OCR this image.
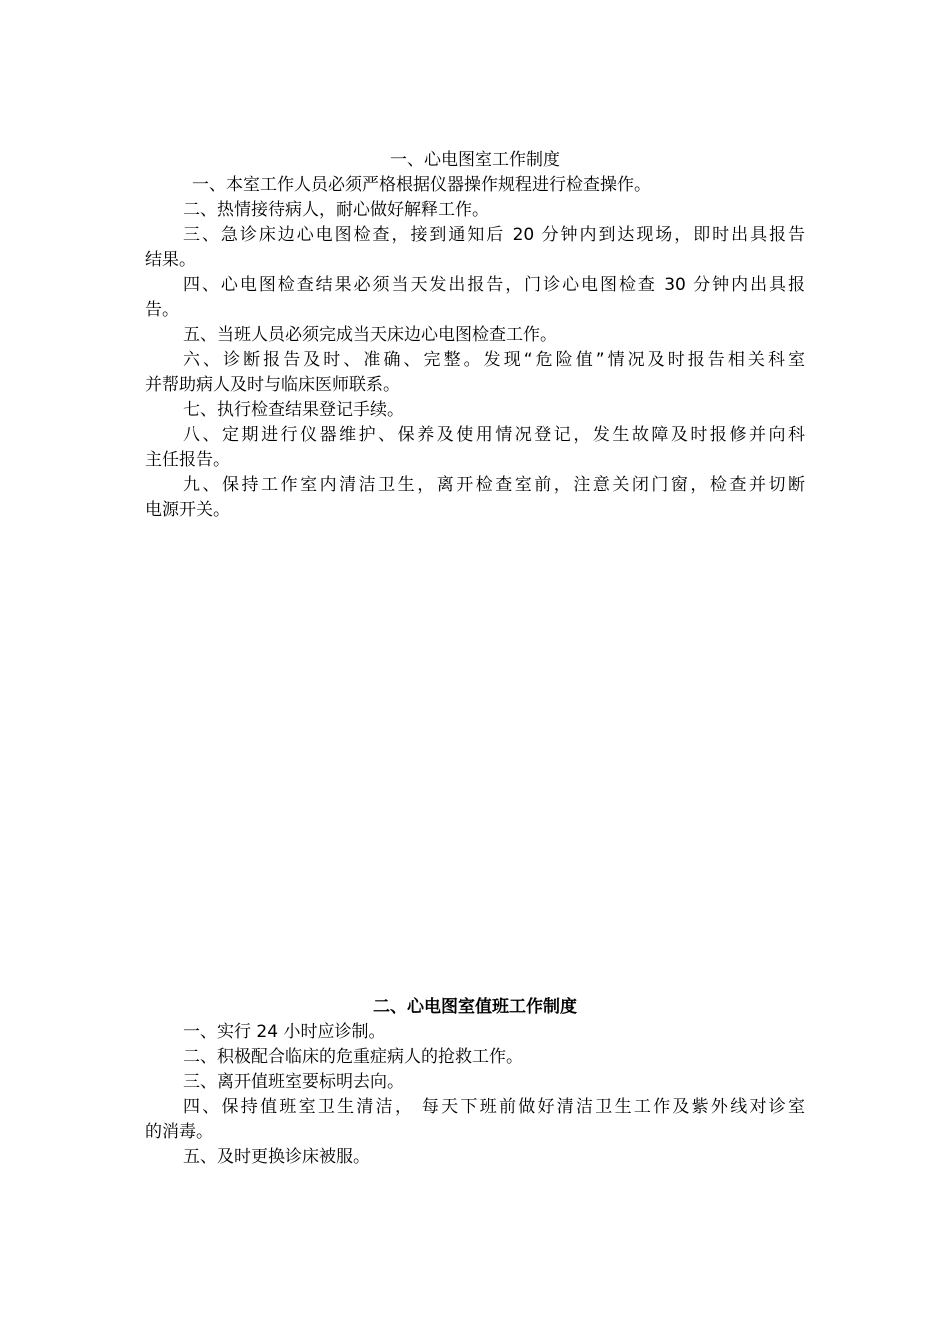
一、心电图室工作制度

一、本室工作人员必须严格根据仪器操作规程进行检查操作。

二、热情接待病人，耐心做好解释工作。

三、急诊床边心电图检查，接到通知后 20 分钟内到达现场，即时出具报告
结果。

四、心电图检查结果必须当天发出报告，门诊心电图检查 30 分钟内出具报
告。

五、当班人员必须完成当天床边心电图检查工作。

六、诊断报告及时、准确、完整。发现“危险值”情况及时报告相关科室
并帮助病人及时与临床医师联系。

七、执行检查结果登记手续。

八、定期进行仪器维护、保养及使用情况登记，发生故障及时报修并向科
主任报告。

九、保持工作室内清洁卫生，离开检查室前，注意关闭门窗，检查并切断
电源开关。

二、心电图室值班工作制度

一、实行 24 小时应诊制。

二、积极配合临床的危重症病人的抢救工作。

三、离开值班室要标明去向。

四、保持值班室卫生清洁， 每天下班前做好清洁卫生工作及紫外线对诊室
的消毒。

五、及时更换诊床被服。
